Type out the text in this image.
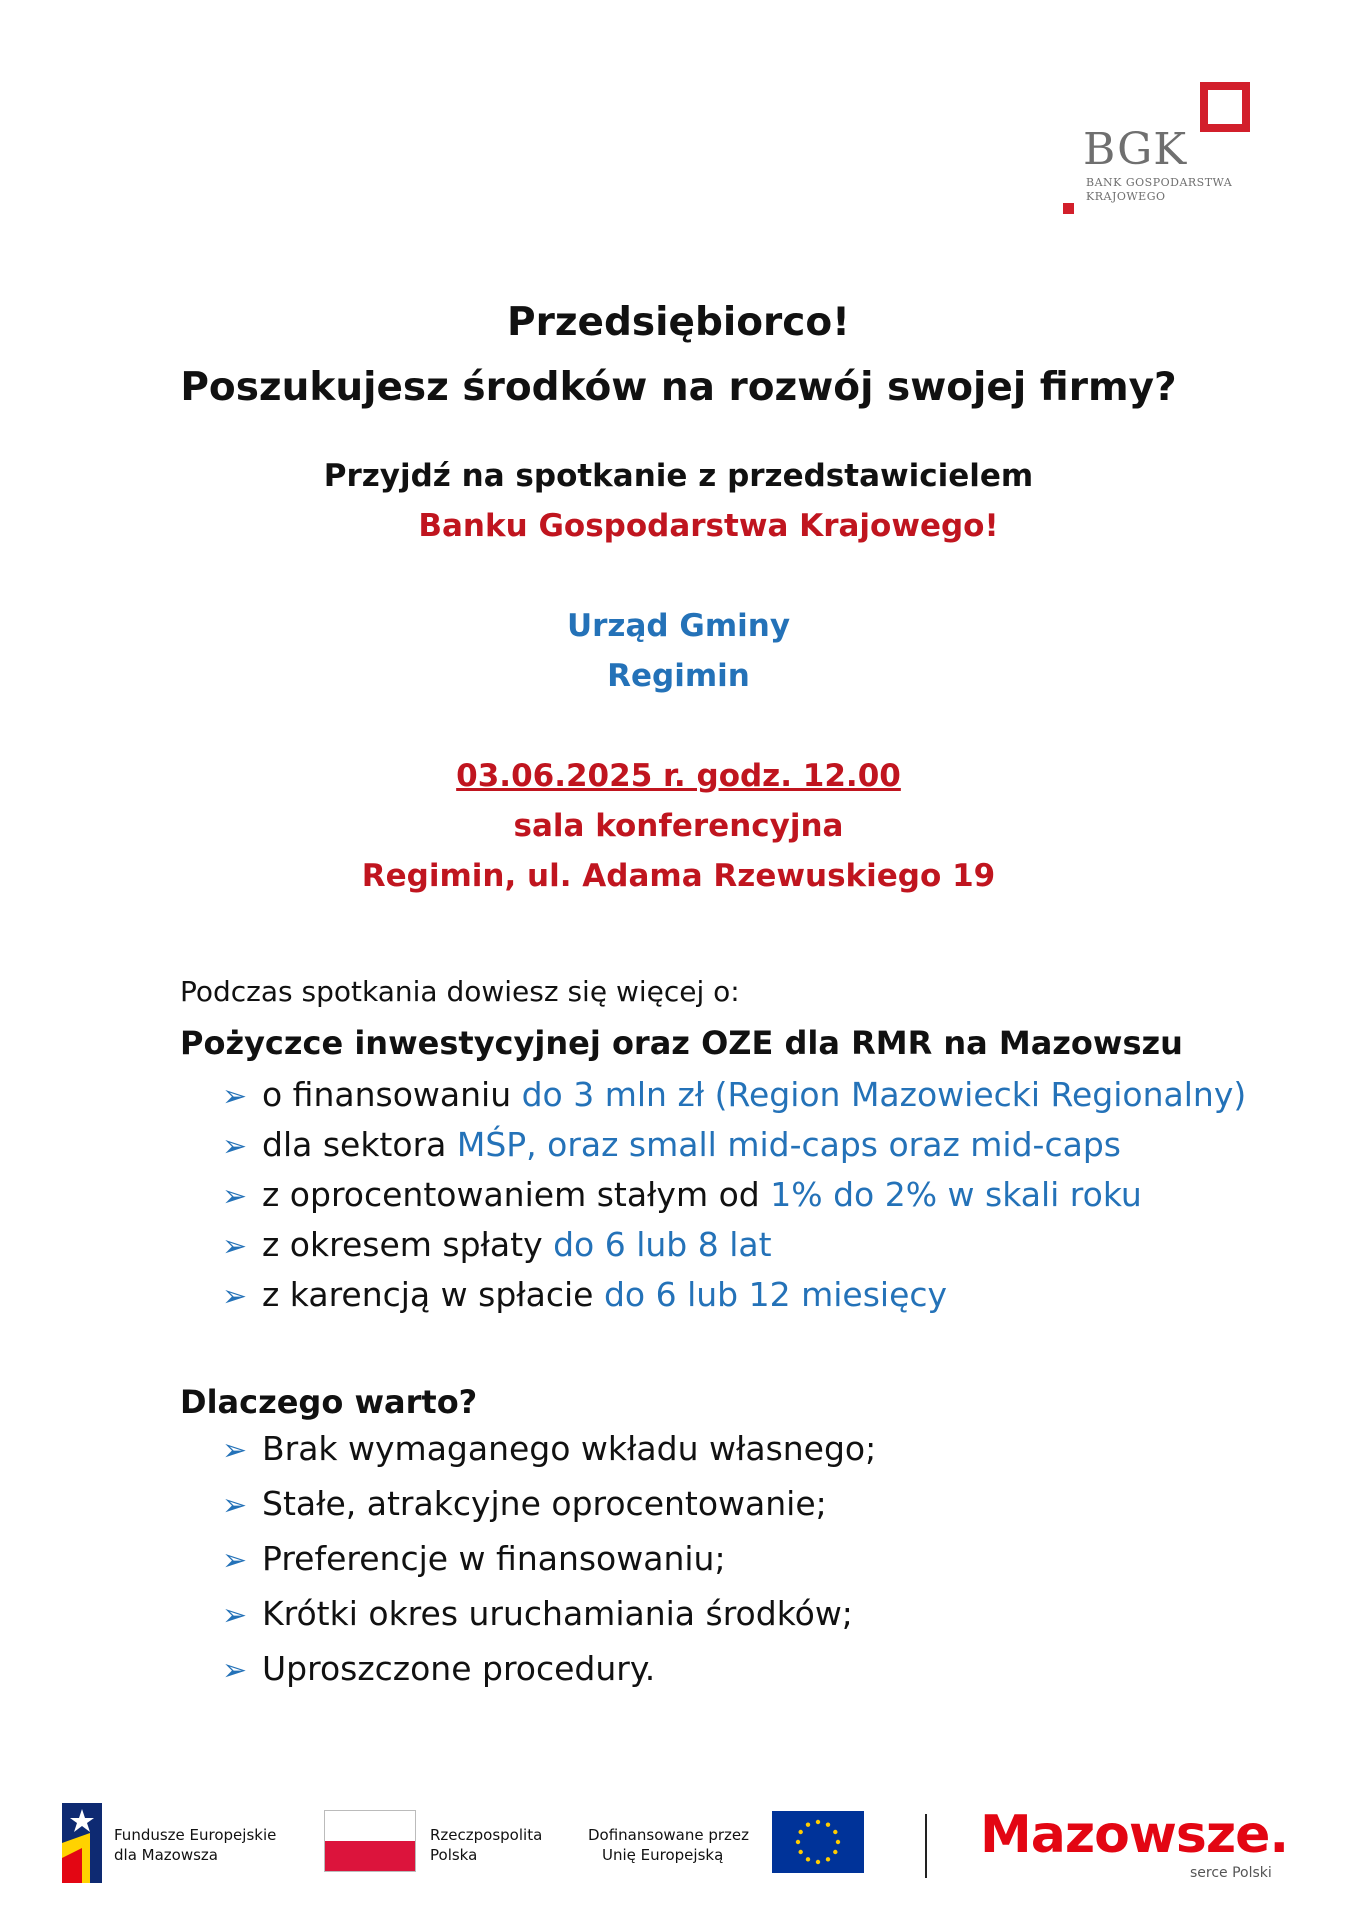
BGK
BANK GOSPODARSTWA
KRAJOWEGO
Przedsiębiorco!
Poszukujesz środków na rozwój swojej firmy?
Przyjdź na spotkanie z przedstawicielem
Banku Gospodarstwa Krajowego!
Urząd Gminy
Regimin
03.06.2025 r. godz. 12.00
sala konferencyjna
Regimin, ul. Adama Rzewuskiego 19
Podczas spotkania dowiesz się więcej o:
Pożyczce inwestycyjnej oraz OZE dla RMR na Mazowszu
➢ o finansowaniu do 3 mln zł (Region Mazowiecki Regionalny)
➢ dla sektora MŚP, oraz small mid-caps oraz mid-caps
➢ z oprocentowaniem stałym od 1% do 2% w skali roku
➢ z okresem spłaty do 6 lub 8 lat
➢ z karencją w spłacie do 6 lub 12 miesięcy
Dlaczego warto?
➢ Brak wymaganego wkładu własnego;
➢ Stałe, atrakcyjne oprocentowanie;
➢ Preferencje w finansowaniu;
➢ Krótki okres uruchamiania środków;
➢ Uproszczone procedury.
Fundusze Europejskie
dla Mazowsza
Rzeczpospolita
Polska
Dofinansowane przez
Unię Europejską	Mazowsze.
serce Polski
